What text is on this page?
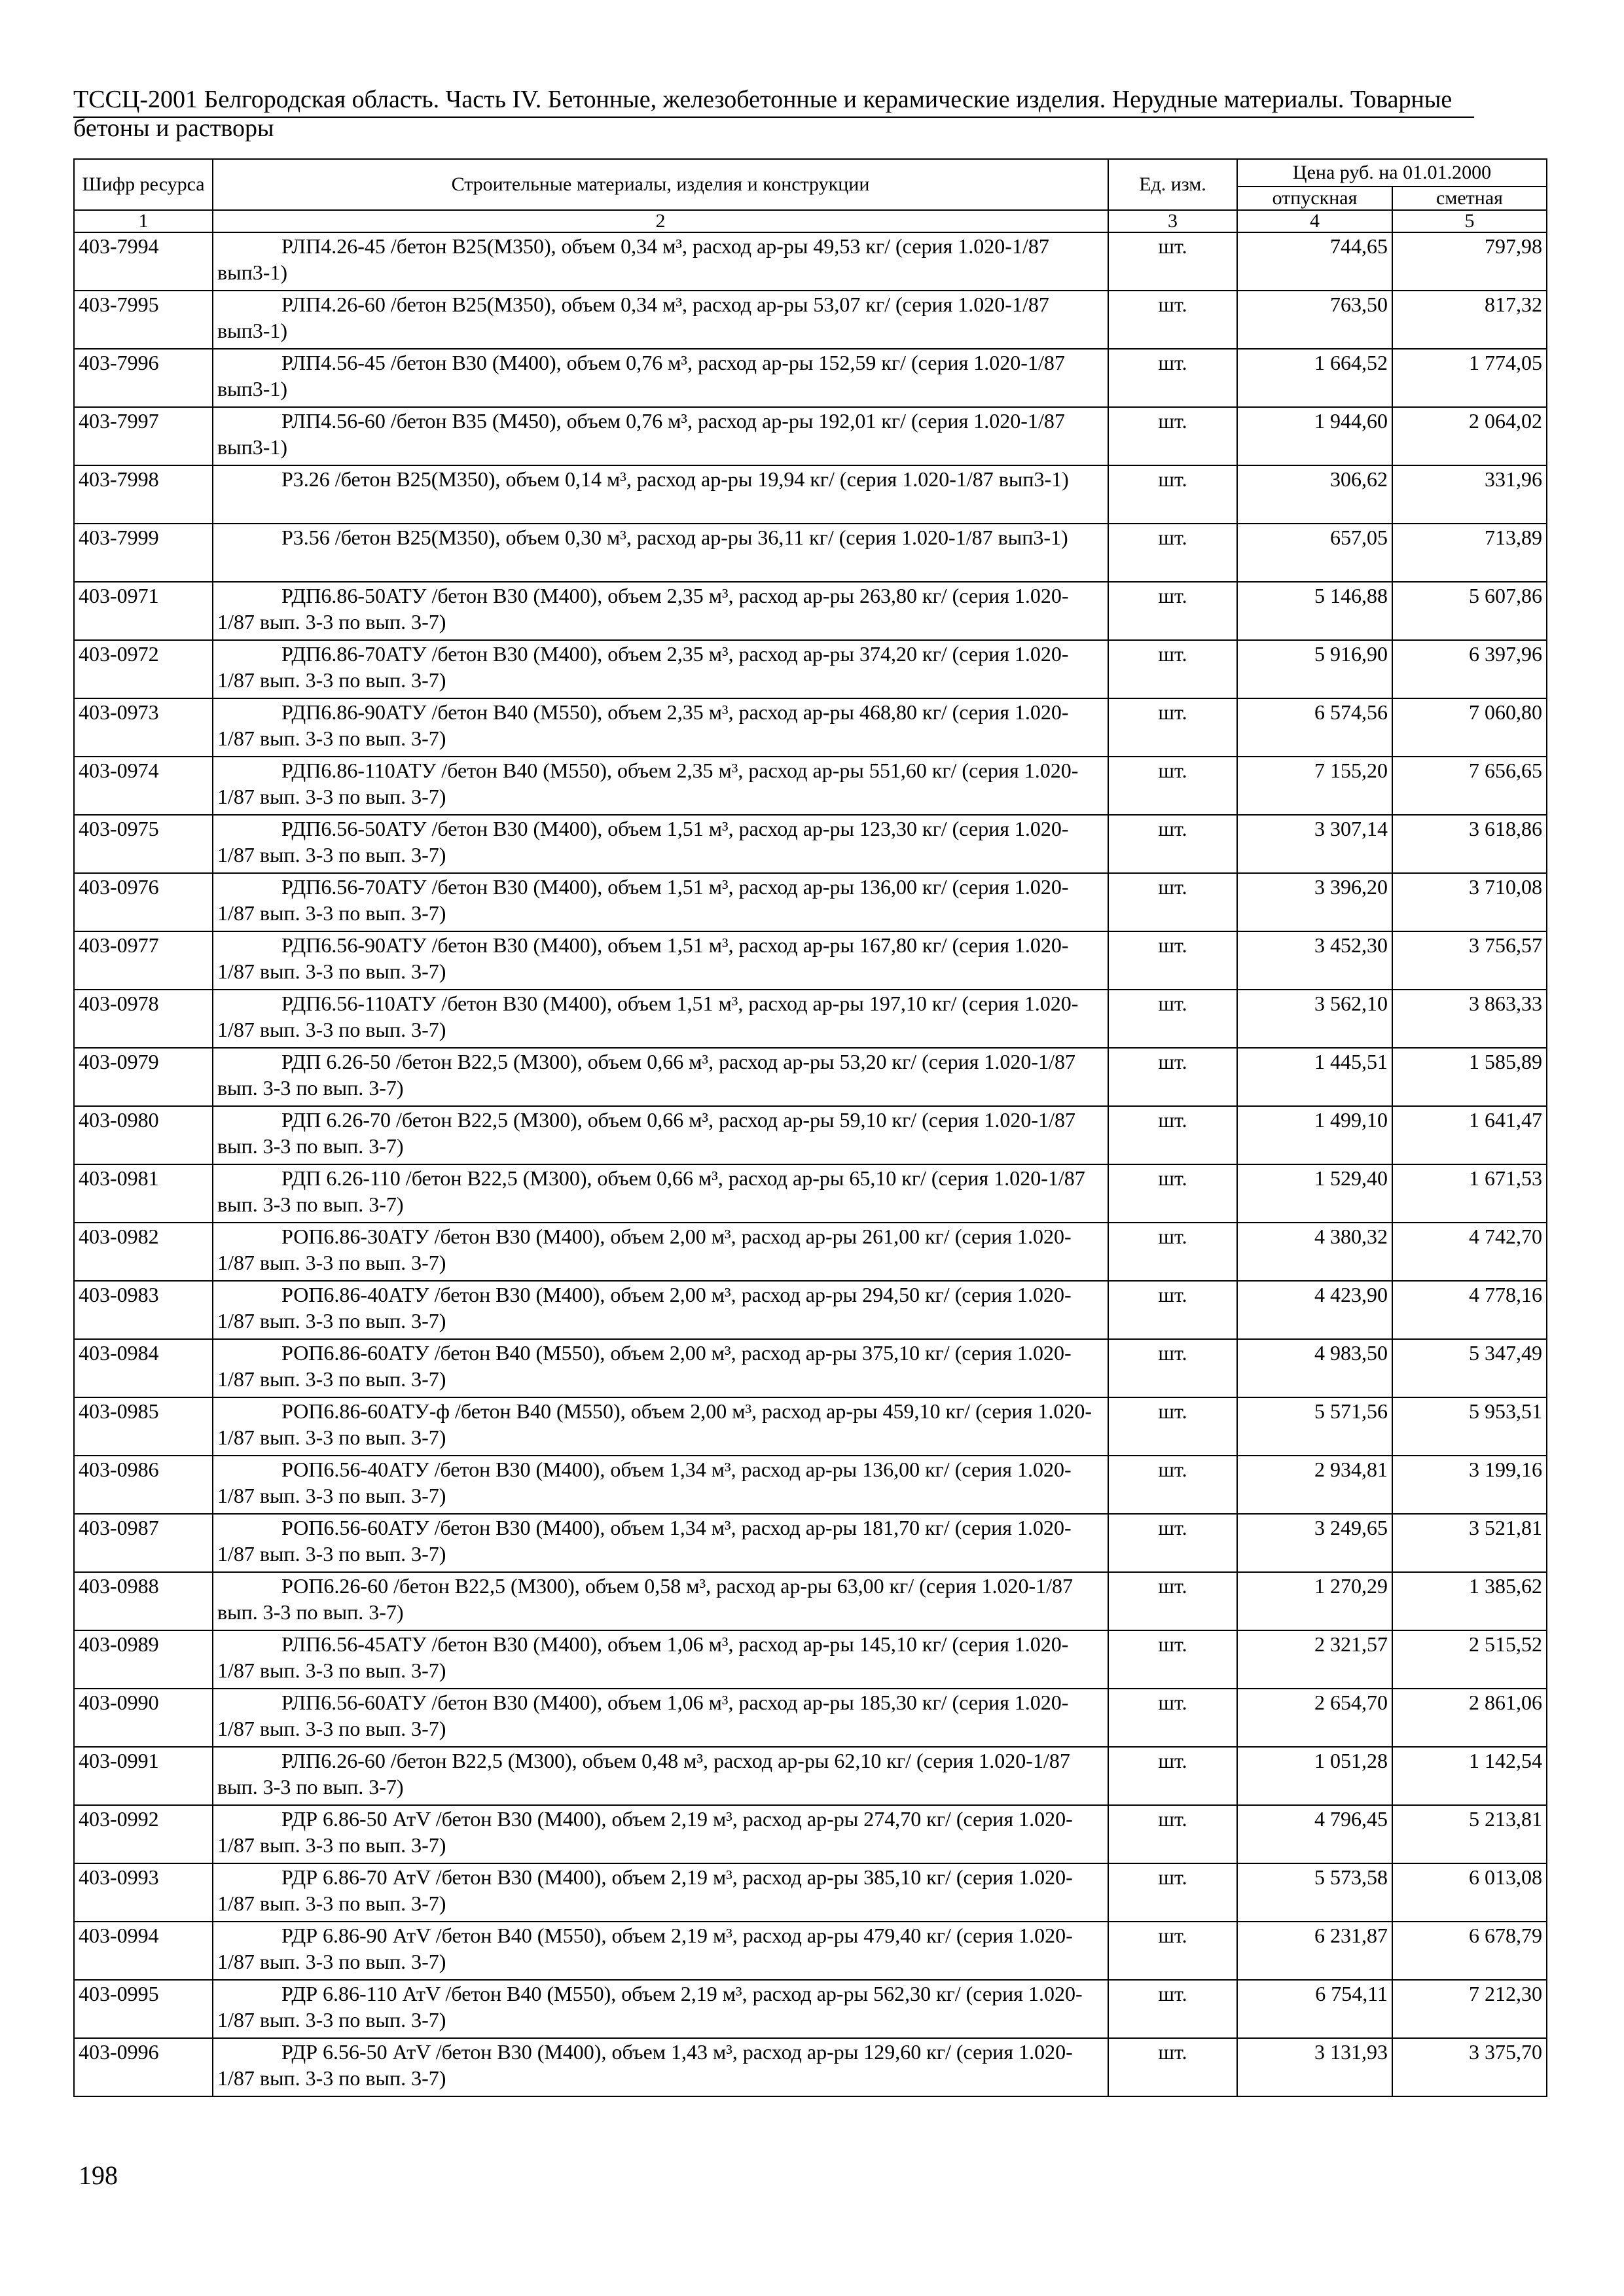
ТССЦ-2001 Белгородская область. Часть IV. Бетонные, железобетонные и керамические изделия. Нерудные материалы. Товарные бетоны и растворы
Шифр ресурса	Строительные материалы, изделия и конструкции	Ед. изм.	Цена руб. на 01.01.2000	
			отпускная	сметная
1	2	3	4	5
403-7994	РЛП4.26-45 /бетон В25(М350), объем 0,34 м³, расход ар-ры 49,53 кг/ (серия 1.020-1/87 вып3-1)	шт.	744,65	797,98
403-7995	РЛП4.26-60 /бетон В25(М350), объем 0,34 м³, расход ар-ры 53,07 кг/ (серия 1.020-1/87 вып3-1)	шт.	763,50	817,32
403-7996	РЛП4.56-45 /бетон В30 (М400), объем 0,76 м³, расход ар-ры 152,59 кг/ (серия 1.020-1/87 вып3-1)	шт.	1 664,52	1 774,05
403-7997	РЛП4.56-60 /бетон В35 (М450), объем 0,76 м³, расход ар-ры 192,01 кг/ (серия 1.020-1/87 вып3-1)	шт.	1 944,60	2 064,02
403-7998	Р3.26 /бетон В25(М350), объем 0,14 м³, расход ар-ры 19,94 кг/ (серия 1.020-1/87 вып3-1)	шт.	306,62	331,96
403-7999	Р3.56 /бетон В25(М350), объем 0,30 м³, расход ар-ры 36,11 кг/ (серия 1.020-1/87 вып3-1)	шт.	657,05	713,89
403-0971	РДП6.86-50АТУ /бетон В30 (М400), объем 2,35 м³, расход ар-ры 263,80 кг/ (серия 1.020-1/87 вып. 3-3 по вып. 3-7)	шт.	5 146,88	5 607,86
403-0972	РДП6.86-70АТУ /бетон В30 (М400), объем 2,35 м³, расход ар-ры 374,20 кг/ (серия 1.020-1/87 вып. 3-3 по вып. 3-7)	шт.	5 916,90	6 397,96
403-0973	РДП6.86-90АТУ /бетон В40 (М550), объем 2,35 м³, расход ар-ры 468,80 кг/ (серия 1.020-1/87 вып. 3-3 по вып. 3-7)	шт.	6 574,56	7 060,80
403-0974	РДП6.86-110АТУ /бетон В40 (М550), объем 2,35 м³, расход ар-ры 551,60 кг/ (серия 1.020-1/87 вып. 3-3 по вып. 3-7)	шт.	7 155,20	7 656,65
403-0975	РДП6.56-50АТУ /бетон В30 (М400), объем 1,51 м³, расход ар-ры 123,30 кг/ (серия 1.020-1/87 вып. 3-3 по вып. 3-7)	шт.	3 307,14	3 618,86
403-0976	РДП6.56-70АТУ /бетон В30 (М400), объем 1,51 м³, расход ар-ры 136,00 кг/ (серия 1.020-1/87 вып. 3-3 по вып. 3-7)	шт.	3 396,20	3 710,08
403-0977	РДП6.56-90АТУ /бетон В30 (М400), объем 1,51 м³, расход ар-ры 167,80 кг/ (серия 1.020-1/87 вып. 3-3 по вып. 3-7)	шт.	3 452,30	3 756,57
403-0978	РДП6.56-110АТУ /бетон В30 (М400), объем 1,51 м³, расход ар-ры 197,10 кг/ (серия 1.020-1/87 вып. 3-3 по вып. 3-7)	шт.	3 562,10	3 863,33
403-0979	РДП 6.26-50 /бетон В22,5 (М300), объем 0,66 м³, расход ар-ры 53,20 кг/ (серия 1.020-1/87 вып. 3-3 по вып. 3-7)	шт.	1 445,51	1 585,89
403-0980	РДП 6.26-70 /бетон В22,5 (М300), объем 0,66 м³, расход ар-ры 59,10 кг/ (серия 1.020-1/87 вып. 3-3 по вып. 3-7)	шт.	1 499,10	1 641,47
403-0981	РДП 6.26-110 /бетон В22,5 (М300), объем 0,66 м³, расход ар-ры 65,10 кг/ (серия 1.020-1/87 вып. 3-3 по вып. 3-7)	шт.	1 529,40	1 671,53
403-0982	РОП6.86-30АТУ /бетон В30 (М400), объем 2,00 м³, расход ар-ры 261,00 кг/ (серия 1.020-1/87 вып. 3-3 по вып. 3-7)	шт.	4 380,32	4 742,70
403-0983	РОП6.86-40АТУ /бетон В30 (М400), объем 2,00 м³, расход ар-ры 294,50 кг/ (серия 1.020-1/87 вып. 3-3 по вып. 3-7)	шт.	4 423,90	4 778,16
403-0984	РОП6.86-60АТУ /бетон В40 (М550), объем 2,00 м³, расход ар-ры 375,10 кг/ (серия 1.020-1/87 вып. 3-3 по вып. 3-7)	шт.	4 983,50	5 347,49
403-0985	РОП6.86-60АТУ-ф /бетон В40 (М550), объем 2,00 м³, расход ар-ры 459,10 кг/ (серия 1.020-1/87 вып. 3-3 по вып. 3-7)	шт.	5 571,56	5 953,51
403-0986	РОП6.56-40АТУ /бетон В30 (М400), объем 1,34 м³, расход ар-ры 136,00 кг/ (серия 1.020-1/87 вып. 3-3 по вып. 3-7)	шт.	2 934,81	3 199,16
403-0987	РОП6.56-60АТУ /бетон В30 (М400), объем 1,34 м³, расход ар-ры 181,70 кг/ (серия 1.020-1/87 вып. 3-3 по вып. 3-7)	шт.	3 249,65	3 521,81
403-0988	РОП6.26-60 /бетон В22,5 (М300), объем 0,58 м³, расход ар-ры 63,00 кг/ (серия 1.020-1/87 вып. 3-3 по вып. 3-7)	шт.	1 270,29	1 385,62
403-0989	РЛП6.56-45АТУ /бетон В30 (М400), объем 1,06 м³, расход ар-ры 145,10 кг/ (серия 1.020-1/87 вып. 3-3 по вып. 3-7)	шт.	2 321,57	2 515,52
403-0990	РЛП6.56-60АТУ /бетон В30 (М400), объем 1,06 м³, расход ар-ры 185,30 кг/ (серия 1.020-1/87 вып. 3-3 по вып. 3-7)	шт.	2 654,70	2 861,06
403-0991	РЛП6.26-60 /бетон В22,5 (М300), объем 0,48 м³, расход ар-ры 62,10 кг/ (серия 1.020-1/87 вып. 3-3 по вып. 3-7)	шт.	1 051,28	1 142,54
403-0992	РДР 6.86-50 АтV /бетон В30 (М400), объем 2,19 м³, расход ар-ры 274,70 кг/ (серия 1.020-1/87 вып. 3-3 по вып. 3-7)	шт.	4 796,45	5 213,81
403-0993	РДР 6.86-70 АтV /бетон В30 (М400), объем 2,19 м³, расход ар-ры 385,10 кг/ (серия 1.020-1/87 вып. 3-3 по вып. 3-7)	шт.	5 573,58	6 013,08
403-0994	РДР 6.86-90 АтV /бетон В40 (М550), объем 2,19 м³, расход ар-ры 479,40 кг/ (серия 1.020-1/87 вып. 3-3 по вып. 3-7)	шт.	6 231,87	6 678,79
403-0995	РДР 6.86-110 АтV /бетон В40 (М550), объем 2,19 м³, расход ар-ры 562,30 кг/ (серия 1.020-1/87 вып. 3-3 по вып. 3-7)	шт.	6 754,11	7 212,30
403-0996	РДР 6.56-50 АтV /бетон В30 (М400), объем 1,43 м³, расход ар-ры 129,60 кг/ (серия 1.020-1/87 вып. 3-3 по вып. 3-7)	шт.	3 131,93	3 375,70
198
